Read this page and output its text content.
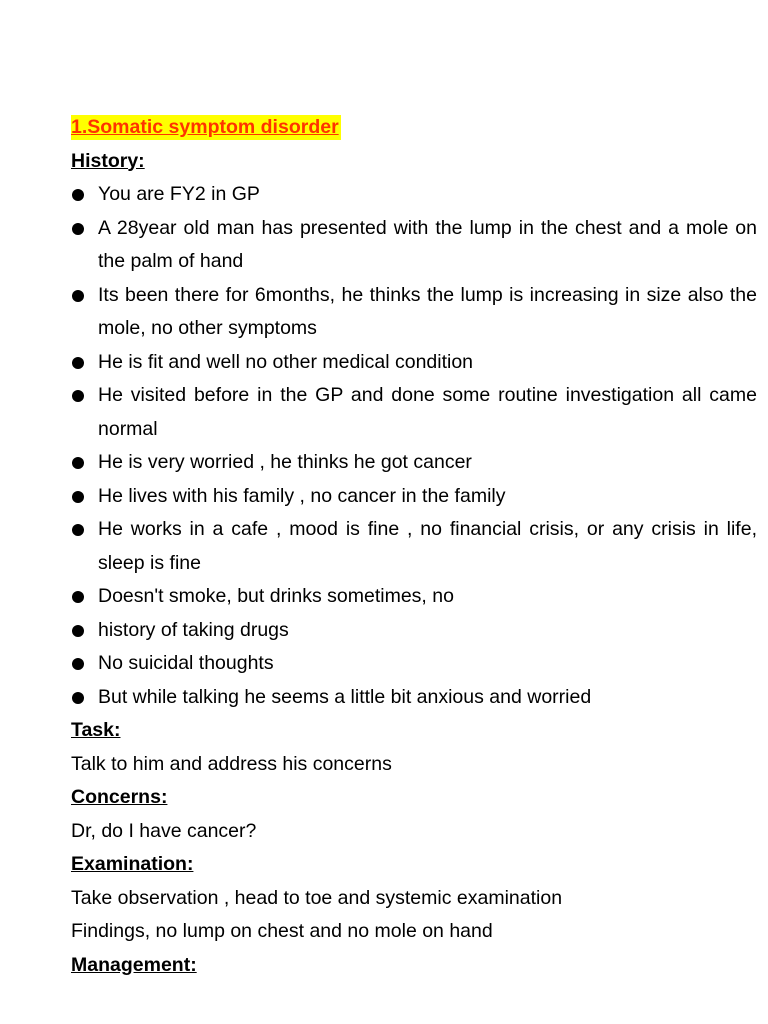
1.Somatic symptom disorder
History:
You are FY2 in GP
A 28year old man has presented with the lump in the chest and a mole on the palm of hand
Its been there for 6months, he thinks the lump is increasing in size also the mole, no other symptoms
He is fit and well no other medical condition
He visited before in the GP and done some routine investigation all came normal
He is very worried , he thinks he got cancer
He lives with his family , no cancer in the family
He works in a cafe , mood is fine , no financial crisis, or any crisis in life, sleep is fine
Doesn't smoke, but drinks sometimes, no
history of taking drugs
No suicidal thoughts
But while talking he seems a little bit anxious and worried
Task:
Talk to him and address his concerns
Concerns:
Dr, do I have cancer?
Examination:
Take observation , head to toe and systemic examination
Findings, no lump on chest and no mole on hand
Management:
